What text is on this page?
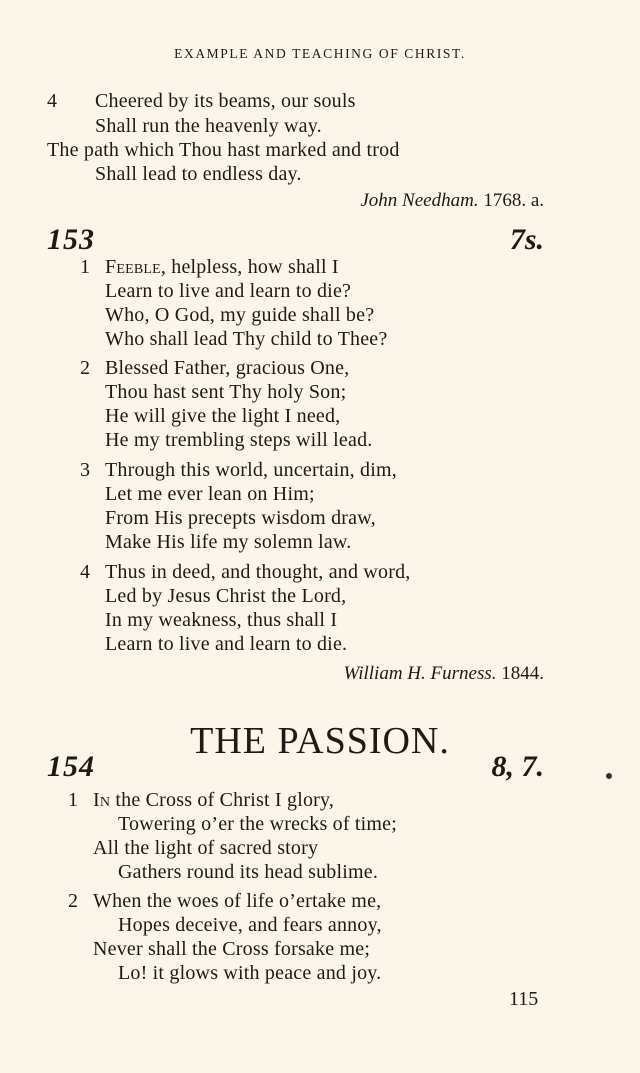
EXAMPLE AND TEACHING OF CHRIST.
4 Cheered by its beams, our souls
Shall run the heavenly way.
The path which Thou hast marked and trod
Shall lead to endless day.
John Needham. 1768. a.
153	7s.
1 Feeble, helpless, how shall I
Learn to live and learn to die?
Who, O God, my guide shall be?
Who shall lead Thy child to Thee?
2 Blessed Father, gracious One,
Thou hast sent Thy holy Son;
He will give the light I need,
He my trembling steps will lead.
3 Through this world, uncertain, dim,
Let me ever lean on Him;
From His precepts wisdom draw,
Make His life my solemn law.
4 Thus in deed, and thought, and word,
Led by Jesus Christ the Lord,
In my weakness, thus shall I
Learn to live and learn to die.
William H. Furness. 1844.
THE PASSION.
154	8, 7.
1 In the Cross of Christ I glory,
Towering o’er the wrecks of time;
All the light of sacred story
Gathers round its head sublime.
2 When the woes of life o’ertake me,
Hopes deceive, and fears annoy,
Never shall the Cross forsake me;
Lo! it glows with peace and joy.
115
